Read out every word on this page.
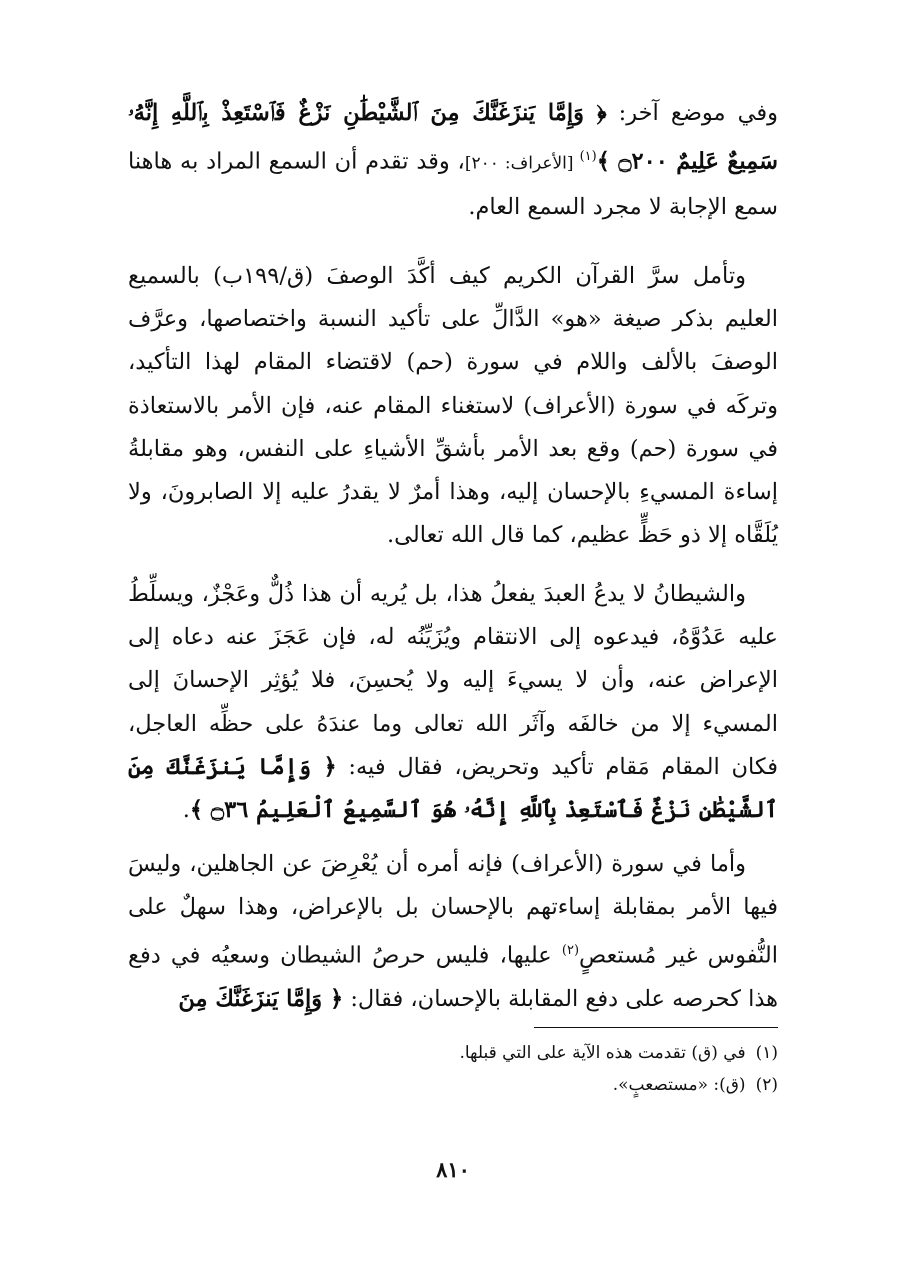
وفي موضع آخر: ﴿ وَإِمَّا يَنزَغَنَّكَ مِنَ ٱلشَّيْطَٰنِ نَزْغٌ فَٱسْتَعِذْ بِٱللَّهِ إِنَّهُۥ سَمِيعٌ عَلِيمٌ ۝٢٠٠ ﴾$^{(١)}$ [الأعراف: ٢٠٠]، وقد تقدم أن السمع المراد به هاهنا سمع الإجابة لا مجرد السمع العام.

وتأمل سرَّ القرآن الكريم كيف أكَّدَ الوصفَ (ق/١٩٩ب) بالسميع العليم بذكر صيغة «هو» الدَّالِّ على تأكيد النسبة واختصاصها، وعرَّف الوصفَ بالألف واللام في سورة (حم) لاقتضاء المقام لهذا التأكيد، وتركَه في سورة (الأعراف) لاستغناء المقام عنه، فإن الأمر بالاستعاذة في سورة (حم) وقع بعد الأمر بأشقِّ الأشياءِ على النفس، وهو مقابلةُ إساءة المسيءِ بالإحسان إليه، وهذا أمرٌ لا يقدرُ عليه إلا الصابرونَ، ولا يُلَقَّاه إلا ذو حَظٍّ عظيم، كما قال الله تعالى.

والشيطانُ لا يدعُ العبدَ يفعلُ هذا، بل يُريه أن هذا ذُلٌّ وعَجْزٌ، ويسلِّطُ عليه عَدُوَّهُ، فيدعوه إلى الانتقام ويُزَيِّنُه له، فإن عَجَزَ عنه دعاه إلى الإعراض عنه، وأن لا يسيءَ إليه ولا يُحسِنَ، فلا يُؤثِر الإحسانَ إلى المسيء إلا من خالفَه وآثَر الله تعالى وما عندَهُ على حظِّه العاجل، فكان المقام مَقام تأكيد وتحريض، فقال فيه: ﴿ وَإِمَّا يَنزَغَنَّكَ مِنَ ٱلشَّيْطَٰنِ نَزْغٌ فَٱسْتَعِذْ بِٱللَّهِ إِنَّهُۥ هُوَ ٱلسَّمِيعُ ٱلْعَلِيمُ ۝٣٦ ﴾.

وأما في سورة (الأعراف) فإنه أمره أن يُعْرِضَ عن الجاهلين، وليسَ فيها الأمر بمقابلة إساءتهم بالإحسان بل بالإعراض، وهذا سهلٌ على النُّفوس غير مُستعصٍ$^{(٢)}$ عليها، فليس حرصُ الشيطان وسعيُه في دفع هذا كحرصه على دفع المقابلة بالإحسان، فقال: ﴿ وَإِمَّا يَنزَغَنَّكَ مِنَ

(١)في (ق) تقدمت هذه الآية على التي قبلها.
(٢)(ق): «مستصعبٍ».
٨١٠
